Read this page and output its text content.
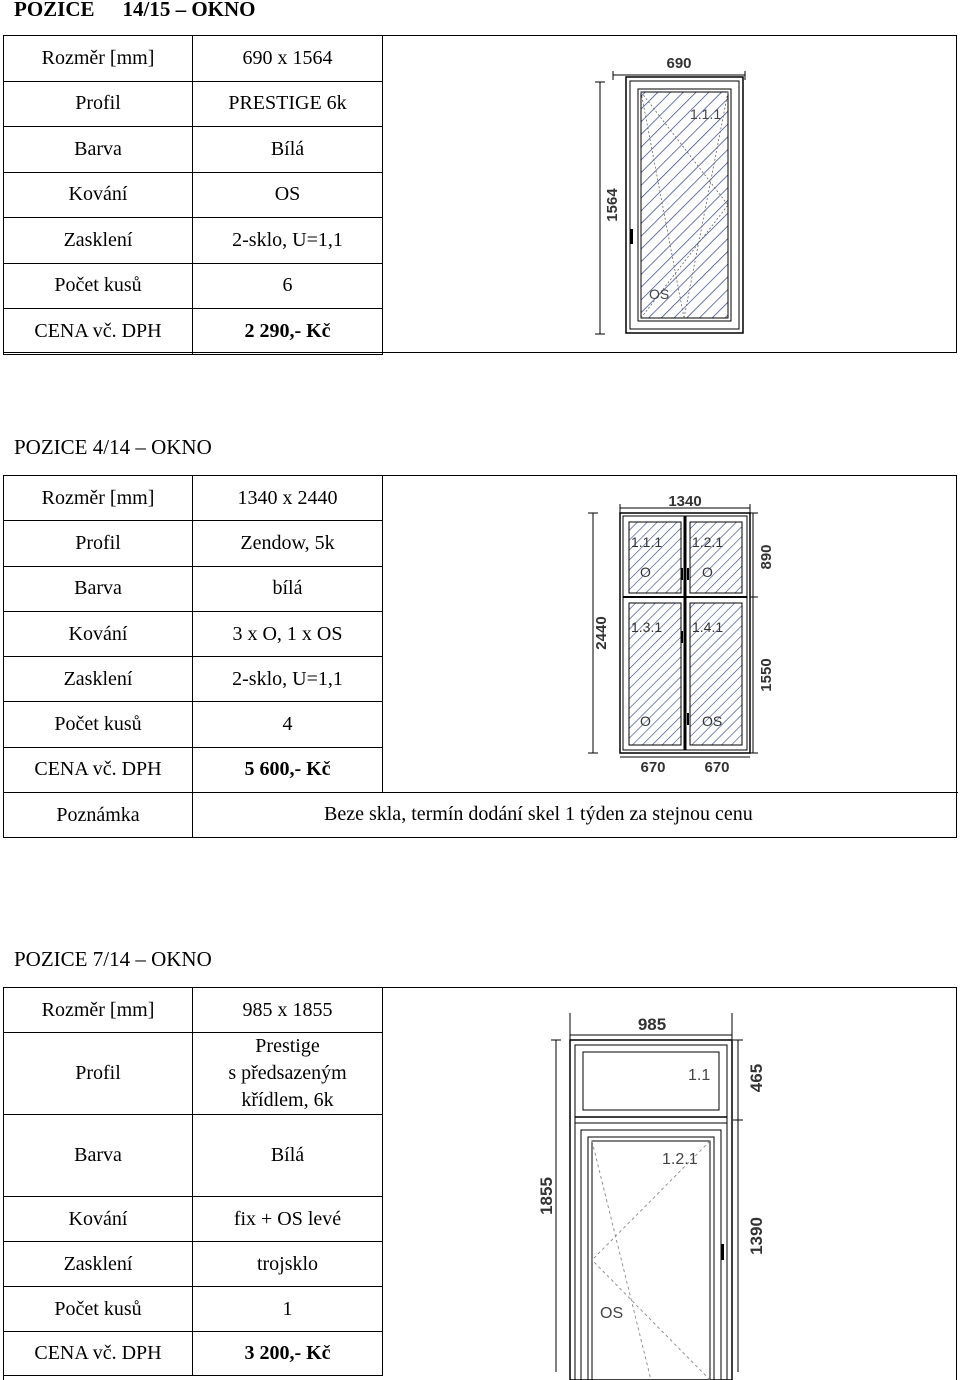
POZICE 14/15 – OKNO
Rozměr [mm]	690 x 1564
Profil	PRESTIGE 6k
Barva	Bílá
Kování	OS
Zasklení	2-sklo, U=1,1
Počet kusů	6
CENA vč. DPH	2 290,- Kč
690
1564
1.1.1
OS
POZICE 4/14 – OKNO
Rozměr [mm]	1340 x 2440
Profil	Zendow, 5k
Barva	bílá
Kování	3 x O, 1 x OS
Zasklení	2-sklo, U=1,1
Počet kusů	4
CENA vč. DPH	5 600,- Kč
Poznámka		Beze skla, termín dodání skel 1 týden za stejnou cenu
1340
2440
890
1550
670	670
1.1.1 1.2.1
1.3.1 1.4.1
O	O
O	OS
POZICE 7/14 – OKNO
Rozměr [mm]	985 x 1855
Profil	Prestige
s předsazeným
křídlem, 6k

Barva	Bílá
Kování	fix + OS levé
Zasklení	trojsklo
Počet kusů	1
CENA vč. DPH	3 200,- Kč
985
1855
465
1390
1.1
1.2.1
OS
